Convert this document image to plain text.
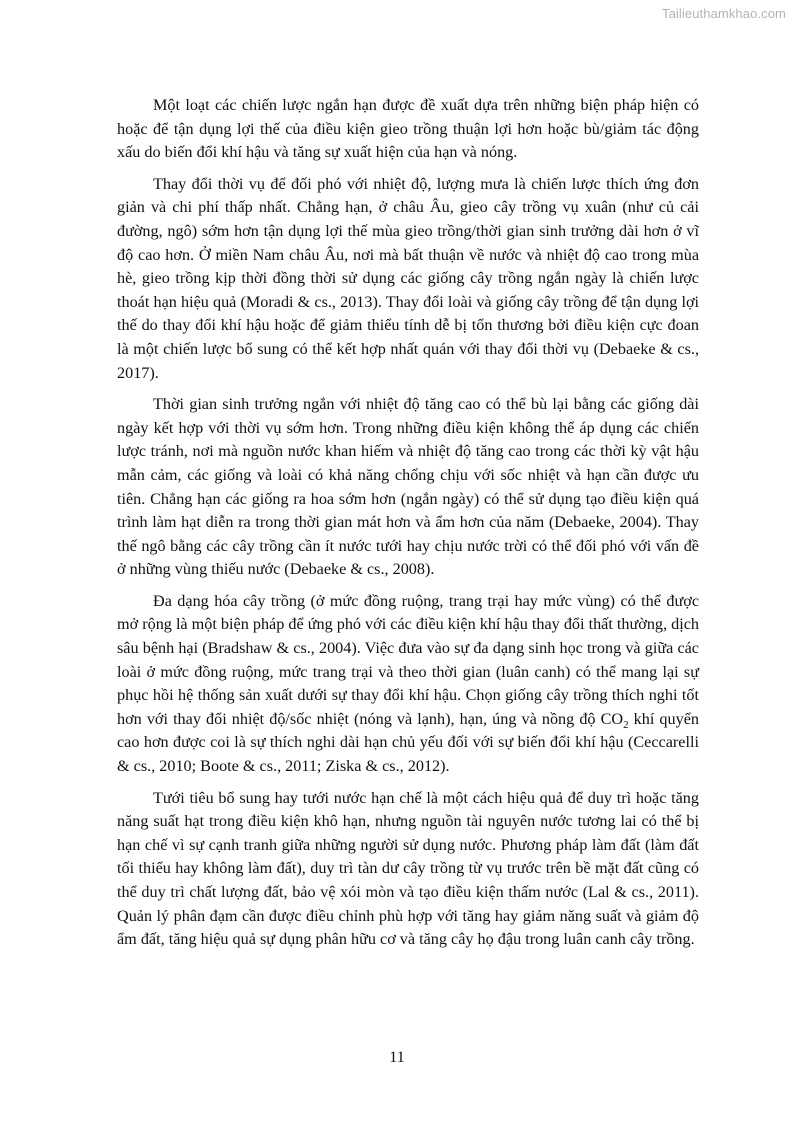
Tailieuthamkhao.com

Một loạt các chiến lược ngắn hạn được đề xuất dựa trên những biện pháp hiện có hoặc để tận dụng lợi thế của điều kiện gieo trồng thuận lợi hơn hoặc bù/giảm tác động xấu do biến đổi khí hậu và tăng sự xuất hiện của hạn và nóng.

Thay đổi thời vụ để đối phó với nhiệt độ, lượng mưa là chiến lược thích ứng đơn giản và chi phí thấp nhất. Chẳng hạn, ở châu Âu, gieo cây trồng vụ xuân (như củ cải đường, ngô) sớm hơn tận dụng lợi thế mùa gieo trồng/thời gian sinh trưởng dài hơn ở vĩ độ cao hơn. Ở miền Nam châu Âu, nơi mà bất thuận về nước và nhiệt độ cao trong mùa hè, gieo trồng kịp thời đồng thời sử dụng các giống cây trồng ngắn ngày là chiến lược thoát hạn hiệu quả (Moradi & cs., 2013). Thay đổi loài và giống cây trồng để tận dụng lợi thế do thay đổi khí hậu hoặc để giảm thiểu tính dễ bị tổn thương bởi điều kiện cực đoan là một chiến lược bổ sung có thể kết hợp nhất quán với thay đổi thời vụ (Debaeke & cs., 2017).

Thời gian sinh trưởng ngắn với nhiệt độ tăng cao có thể bù lại bằng các giống dài ngày kết hợp với thời vụ sớm hơn. Trong những điều kiện không thể áp dụng các chiến lược tránh, nơi mà nguồn nước khan hiếm và nhiệt độ tăng cao trong các thời kỳ vật hậu mẫn cảm, các giống và loài có khả năng chống chịu với sốc nhiệt và hạn cần được ưu tiên. Chẳng hạn các giống ra hoa sớm hơn (ngắn ngày) có thể sử dụng tạo điều kiện quá trình làm hạt diễn ra trong thời gian mát hơn và ẩm hơn của năm (Debaeke, 2004). Thay thế ngô bằng các cây trồng cần ít nước tưới hay chịu nước trời có thể đối phó với vấn đề ở những vùng thiếu nước (Debaeke & cs., 2008).

Đa dạng hóa cây trồng (ở mức đồng ruộng, trang trại hay mức vùng) có thể được mở rộng là một biện pháp để ứng phó với các điều kiện khí hậu thay đổi thất thường, dịch sâu bệnh hại (Bradshaw & cs., 2004). Việc đưa vào sự đa dạng sinh học trong và giữa các loài ở mức đồng ruộng, mức trang trại và theo thời gian (luân canh) có thể mang lại sự phục hồi hệ thống sản xuất dưới sự thay đổi khí hậu. Chọn giống cây trồng thích nghi tốt hơn với thay đổi nhiệt độ/sốc nhiệt (nóng và lạnh), hạn, úng và nồng độ $CO_2$ khí quyển cao hơn được coi là sự thích nghi dài hạn chủ yếu đối với sự biến đổi khí hậu (Ceccarelli & cs., 2010; Boote & cs., 2011; Ziska & cs., 2012).

Tưới tiêu bổ sung hay tưới nước hạn chế là một cách hiệu quả để duy trì hoặc tăng năng suất hạt trong điều kiện khô hạn, nhưng nguồn tài nguyên nước tương lai có thể bị hạn chế vì sự cạnh tranh giữa những người sử dụng nước. Phương pháp làm đất (làm đất tối thiểu hay không làm đất), duy trì tàn dư cây trồng từ vụ trước trên bề mặt đất cũng có thể duy trì chất lượng đất, bảo vệ xói mòn và tạo điều kiện thấm nước (Lal & cs., 2011). Quản lý phân đạm cần được điều chỉnh phù hợp với tăng hay giảm năng suất và giảm độ ẩm đất, tăng hiệu quả sự dụng phân hữu cơ và tăng cây họ đậu trong luân canh cây trồng.

11
